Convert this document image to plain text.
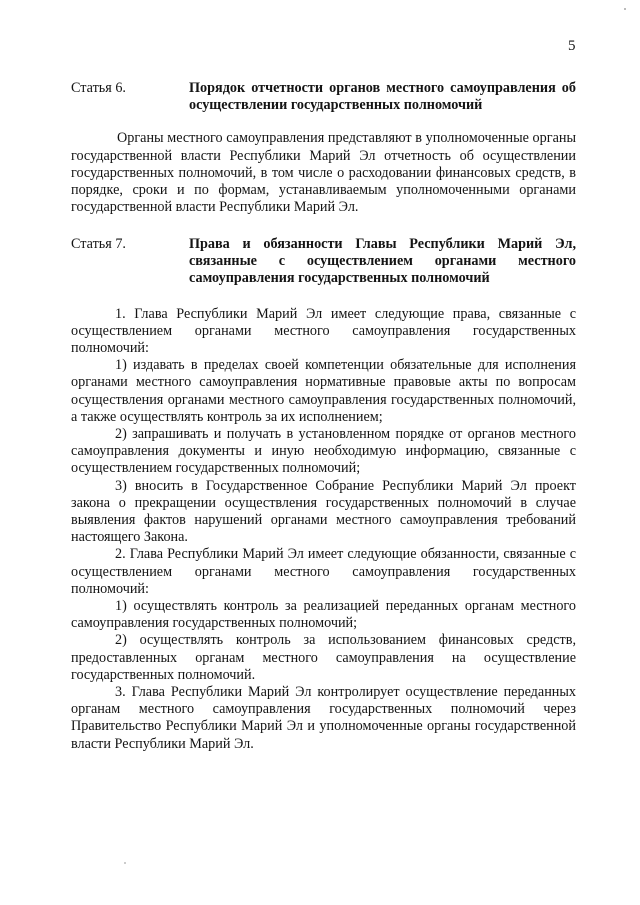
5
Статья 6.	Порядок отчетности органов местного самоуправления об осуществлении государственных полномочий

Органы местного самоуправления представляют в уполномоченные органы государственной власти Республики Марий Эл отчетность об осуществлении государственных полномочий, в том числе о расходовании финансовых средств, в порядке, сроки и по формам, устанавливаемым уполномоченными органами государственной власти Республики Марий Эл.

Статья 7.	Права и обязанности Главы Республики Марий Эл, связанные с осуществлением органами местного самоуправления государственных полномочий

1. Глава Республики Марий Эл имеет следующие права, связанные с осуществлением органами местного самоуправления государственных полномочий:

1) издавать в пределах своей компетенции обязательные для исполнения органами местного самоуправления нормативные правовые акты по вопросам осуществления органами местного самоуправления государственных полномочий, а также осуществлять контроль за их исполнением;

2) запрашивать и получать в установленном порядке от органов местного самоуправления документы и иную необходимую информацию, связанные с осуществлением государственных полномочий;

3) вносить в Государственное Собрание Республики Марий Эл проект закона о прекращении осуществления государственных полномочий в случае выявления фактов нарушений органами местного самоуправления требований настоящего Закона.

2. Глава Республики Марий Эл имеет следующие обязанности, связанные с осуществлением органами местного самоуправления государственных полномочий:

1) осуществлять контроль за реализацией переданных органам местного самоуправления государственных полномочий;

2) осуществлять контроль за использованием финансовых средств, предоставленных органам местного самоуправления на осуществление государственных полномочий.

3. Глава Республики Марий Эл контролирует осуществление переданных органам местного самоуправления государственных полномочий через Правительство Республики Марий Эл и уполномоченные органы государственной власти Республики Марий Эл.
